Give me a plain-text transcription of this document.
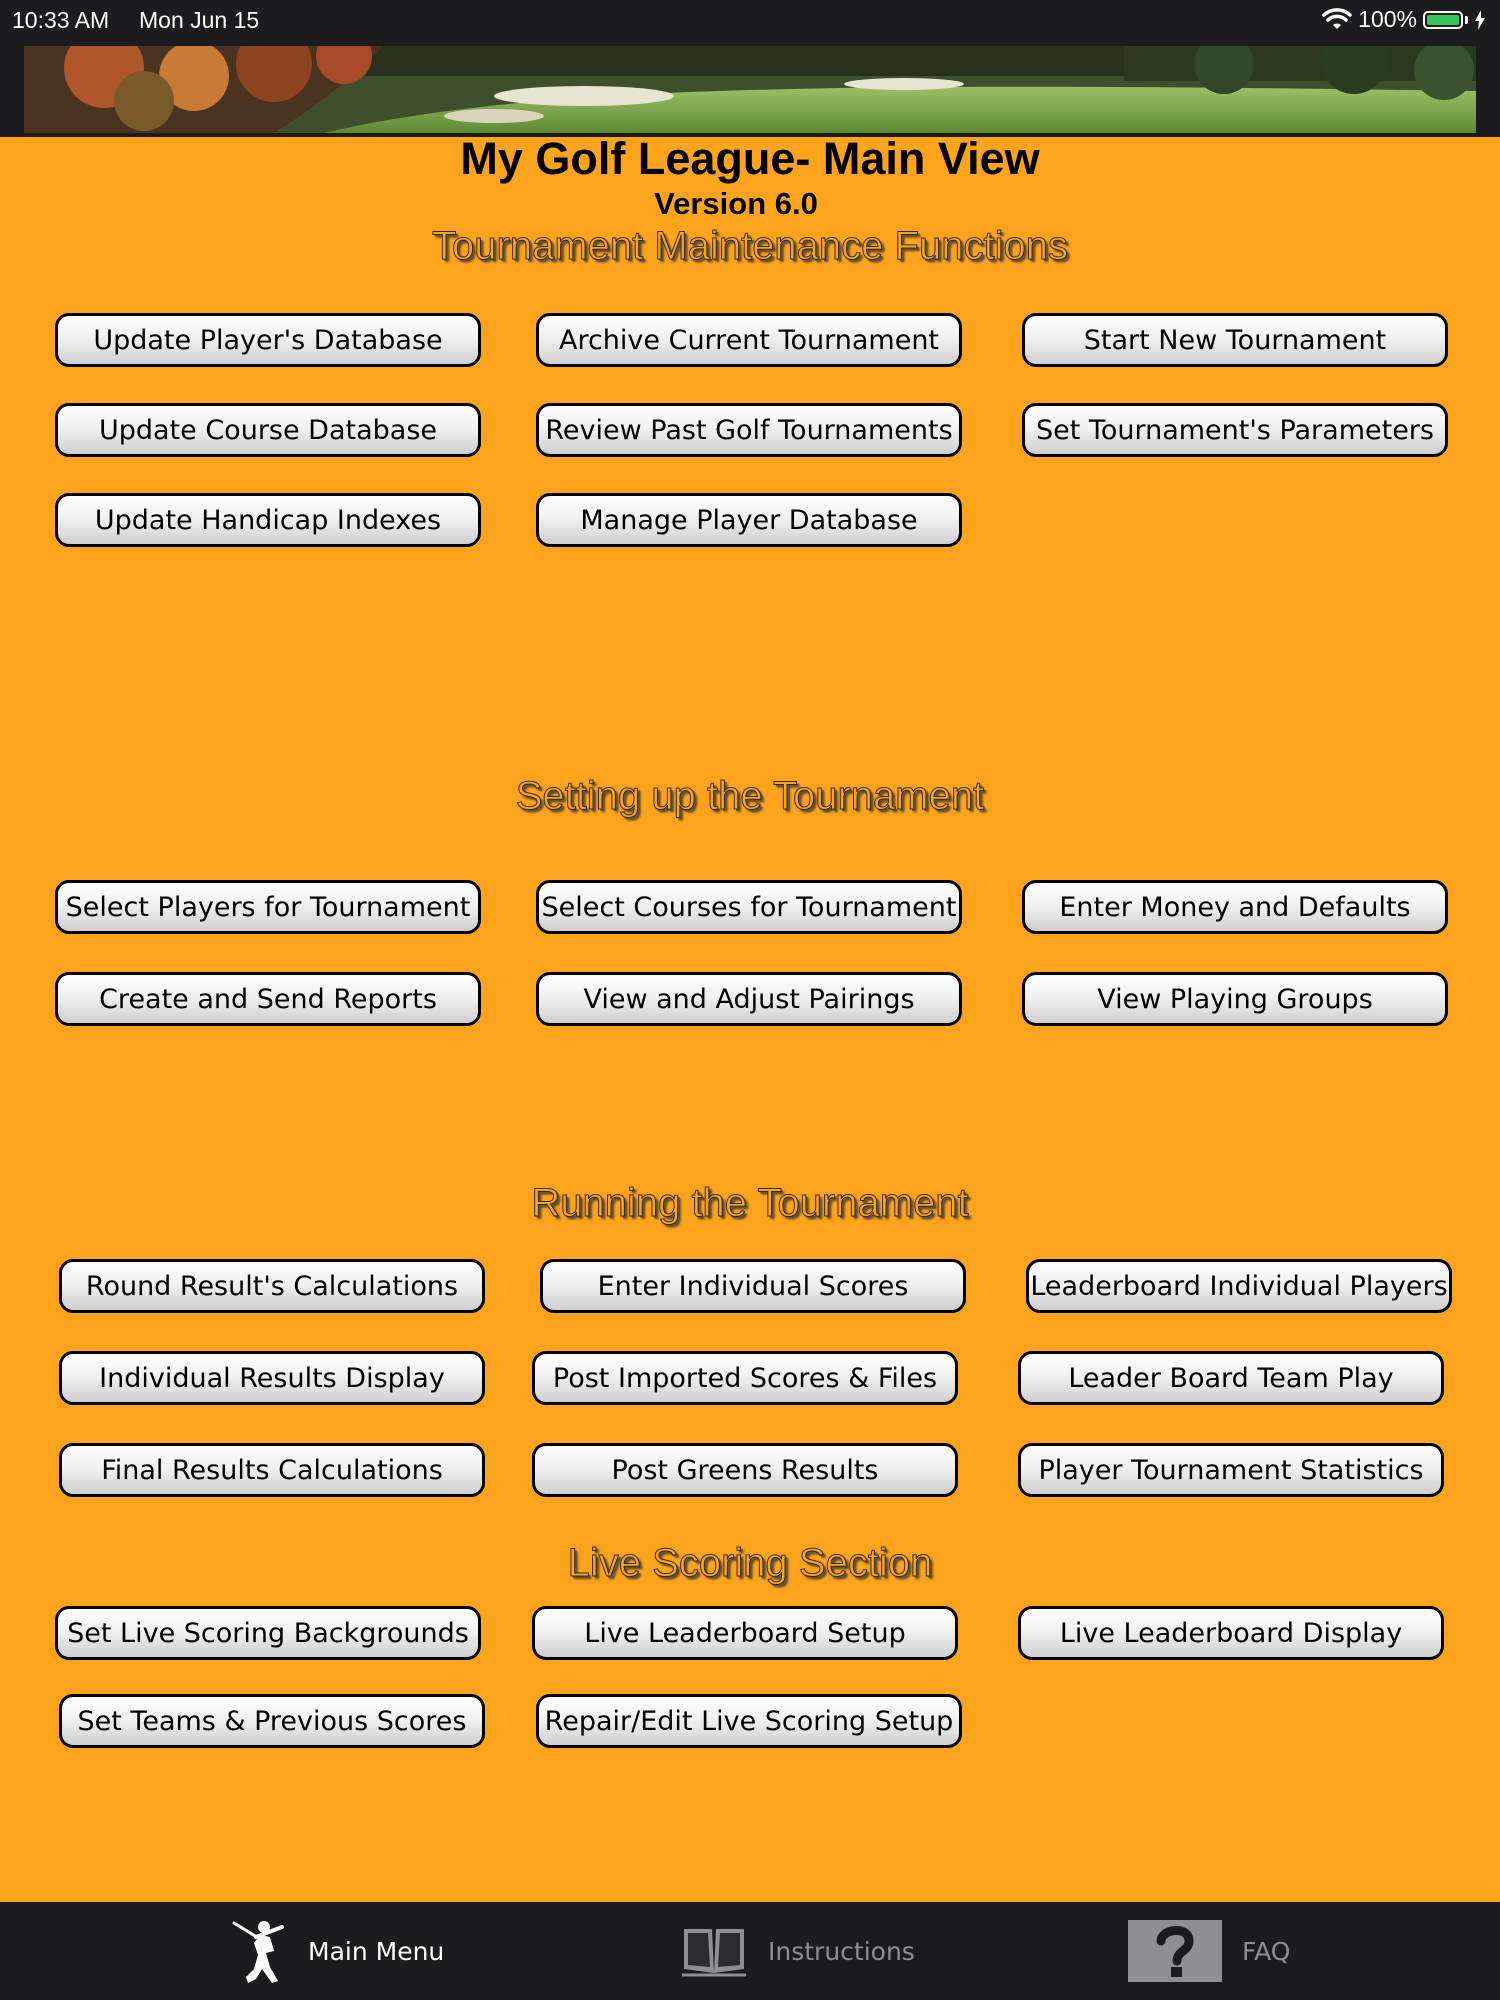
10:33 AM Mon Jun 15	100%
My Golf League- Main View
Version 6.0
Tournament Maintenance Functions
Update Player's Database	Archive Current Tournament	Start New Tournament
Update Course Database	Review Past Golf Tournaments	Set Tournament's Parameters
Update Handicap Indexes	Manage Player Database
Setting up the Tournament
Select Players for Tournament	Select Courses for Tournament	Enter Money and Defaults
Create and Send Reports	View and Adjust Pairings	View Playing Groups
Running the Tournament
Round Result's Calculations	Enter Individual Scores	Leaderboard Individual Players
Individual Results Display	Post Imported Scores & Files	Leader Board Team Play
Final Results Calculations	Post Greens Results	Player Tournament Statistics
Live Scoring Section
Set Live Scoring Backgrounds	Live Leaderboard Setup	Live Leaderboard Display
Set Teams & Previous Scores	Repair/Edit Live Scoring Setup
Main Menu	Instructions	FAQ
